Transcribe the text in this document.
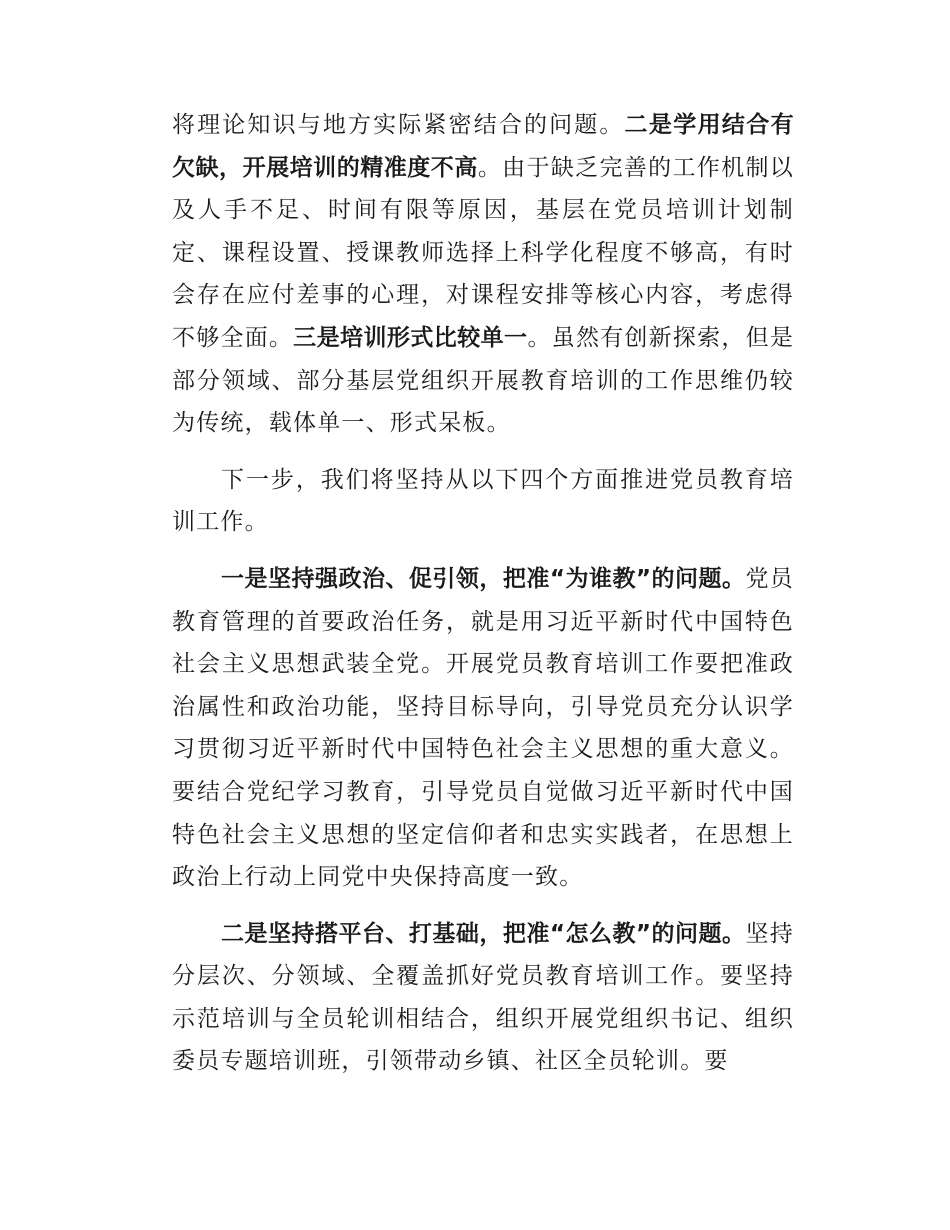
将理论知识与地方实际紧密结合的问题。二是学用结合有欠缺，开展培训的精准度不高。由于缺乏完善的工作机制以及人手不足、时间有限等原因，基层在党员培训计划制定、课程设置、授课教师选择上科学化程度不够高，有时会存在应付差事的心理，对课程安排等核心内容，考虑得不够全面。三是培训形式比较单一。虽然有创新探索，但是部分领域、部分基层党组织开展教育培训的工作思维仍较为传统，载体单一、形式呆板。

下一步，我们将坚持从以下四个方面推进党员教育培训工作。

一是坚持强政治、促引领，把准“为谁教”的问题。党员教育管理的首要政治任务，就是用习近平新时代中国特色社会主义思想武装全党。开展党员教育培训工作要把准政治属性和政治功能，坚持目标导向，引导党员充分认识学习贯彻习近平新时代中国特色社会主义思想的重大意义。要结合党纪学习教育，引导党员自觉做习近平新时代中国特色社会主义思想的坚定信仰者和忠实实践者，在思想上政治上行动上同党中央保持高度一致。

二是坚持搭平台、打基础，把准“怎么教”的问题。坚持分层次、分领域、全覆盖抓好党员教育培训工作。要坚持示范培训与全员轮训相结合，组织开展党组织书记、组织委员专题培训班，引领带动乡镇、社区全员轮训。要
